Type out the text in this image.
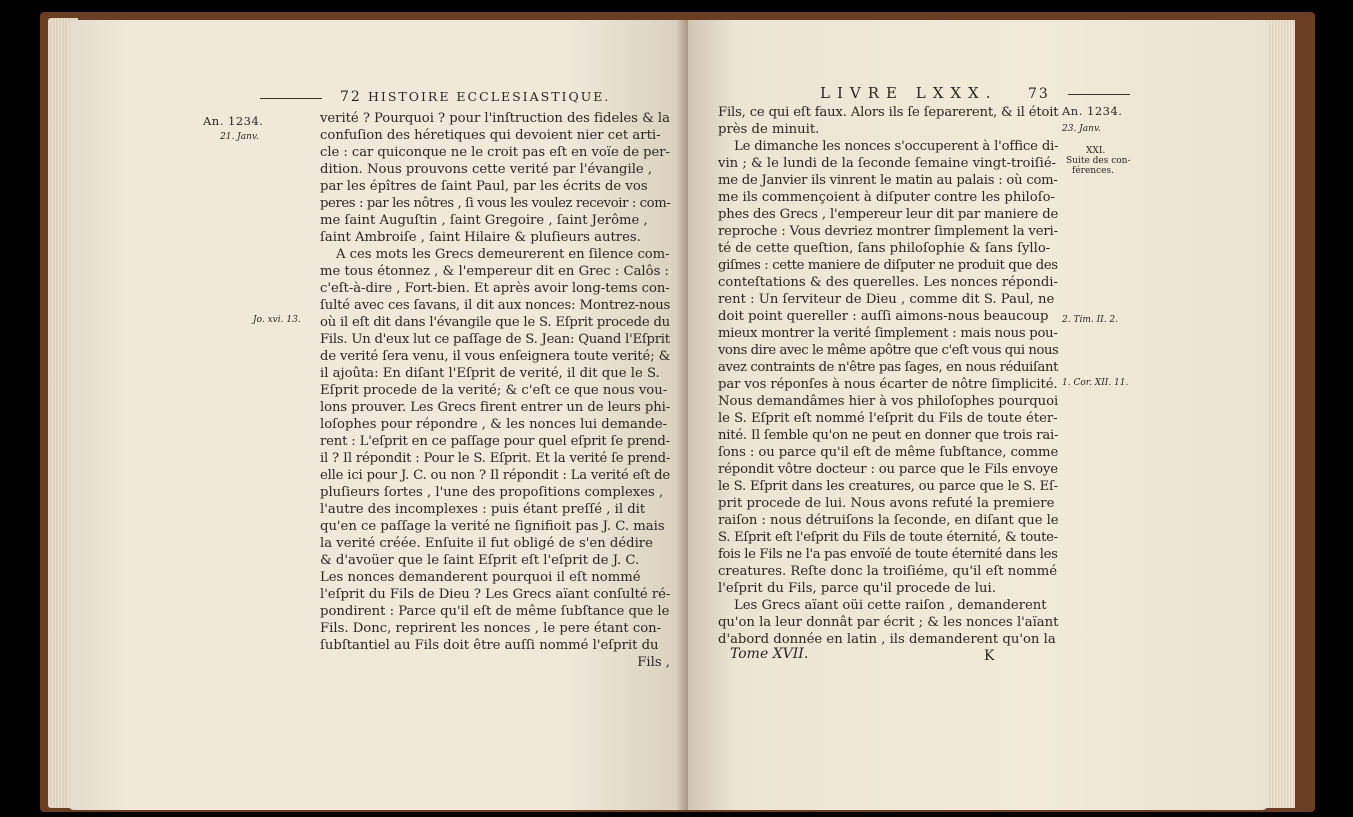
72 HISTOIRE ECCLESIASTIQUE.
An. 1234.
21. Janv.
Jo. xvi. 13.
verité ? Pourquoi ? pour l'inſtruction des fideles & la
confuſion des héretiques qui devoient nier cet arti-
cle : car quiconque ne le croit pas eſt en voïe de per-
dition. Nous prouvons cette verité par l'évangile ,
par les épîtres de ſaint Paul, par les écrits de vos
peres : par les nôtres , ſi vous les voulez recevoir : com-
me ſaint Auguſtin , ſaint Gregoire , ſaint Jerôme ,
ſaint Ambroiſe , ſaint Hilaire & pluſieurs autres.
A ces mots les Grecs demeurerent en ſilence com-
me tous étonnez , & l'empereur dit en Grec : Calôs :
c'eſt-à-dire , Fort-bien. Et après avoir long-tems con-
ſulté avec ces ſavans, il dit aux nonces: Montrez-nous
où il eſt dit dans l'évangile que le S. Eſprit procede du
Fils. Un d'eux lut ce paſſage de S. Jean: Quand l'Eſprit
de verité ſera venu, il vous enſeignera toute verité; &
il ajoûta: En diſant l'Eſprit de verité, il dit que le S.
Eſprit procede de la verité; & c'eſt ce que nous vou-
lons prouver. Les Grecs firent entrer un de leurs phi-
loſophes pour répondre , & les nonces lui demande-
rent : L'eſprit en ce paſſage pour quel eſprit ſe prend-
il ? Il répondit : Pour le S. Eſprit. Et la verité ſe prend-
elle ici pour J. C. ou non ? Il répondit : La verité eſt de
pluſieurs ſortes , l'une des propoſitions complexes ,
l'autre des incomplexes : puis étant preſſé , il dit
qu'en ce paſſage la verité ne ſignifioit pas J. C. mais
la verité créée. Enſuite il fut obligé de s'en dédire
& d'avoüer que le ſaint Eſprit eſt l'eſprit de J. C.
Les nonces demanderent pourquoi il eſt nommé
l'eſprit du Fils de Dieu ? Les Grecs aïant conſulté ré-
pondirent : Parce qu'il eſt de même ſubſtance que le
Fils. Donc, reprirent les nonces , le pere étant con-
ſubſtantiel au Fils doit être auſſi nommé l'eſprit du
Fils ,
LIVRE LXXX. 73
An. 1234.
23. Janv.
XXI.
Suite des con-
férences.
2. Tim. II. 2.
1. Cor. XII. 11.
Fils, ce qui eſt faux. Alors ils ſe ſeparerent, & il étoit
près de minuit.
Le dimanche les nonces s'occuperent à l'office di-
vin ; & le lundi de la ſeconde ſemaine vingt-troiſié-
me de Janvier ils vinrent le matin au palais : où com-
me ils commençoient à diſputer contre les philoſo-
phes des Grecs , l'empereur leur dit par maniere de
reproche : Vous devriez montrer ſimplement la veri-
té de cette queſtion, ſans philoſophie & ſans ſyllo-
giſmes : cette maniere de diſputer ne produit que des
conteſtations & des querelles. Les nonces répondi-
rent : Un ſerviteur de Dieu , comme dit S. Paul, ne
doit point quereller : auſſi aimons-nous beaucoup
mieux montrer la verité ſimplement : mais nous pou-
vons dire avec le même apôtre que c'eſt vous qui nous
avez contraints de n'être pas ſages, en nous réduiſant
par vos réponſes à nous écarter de nôtre ſimplicité.
Nous demandâmes hier à vos philoſophes pourquoi
le S. Eſprit eſt nommé l'eſprit du Fils de toute éter-
nité. Il ſemble qu'on ne peut en donner que trois rai-
ſons : ou parce qu'il eſt de même ſubſtance, comme
répondit vôtre docteur : ou parce que le Fils envoye
le S. Eſprit dans les creatures, ou parce que le S. Eſ-
prit procede de lui. Nous avons refuté la premiere
raiſon : nous détruiſons la ſeconde, en diſant que le
S. Eſprit eſt l'eſprit du Fils de toute éternité, & toute-
fois le Fils ne l'a pas envoïé de toute éternité dans les
creatures. Reſte donc la troiſiéme, qu'il eſt nommé
l'eſprit du Fils, parce qu'il procede de lui.
Les Grecs aïant oüi cette raiſon , demanderent
qu'on la leur donnât par écrit ; & les nonces l'aïant
d'abord donnée en latin , ils demanderent qu'on la
Tome XVII.	K
